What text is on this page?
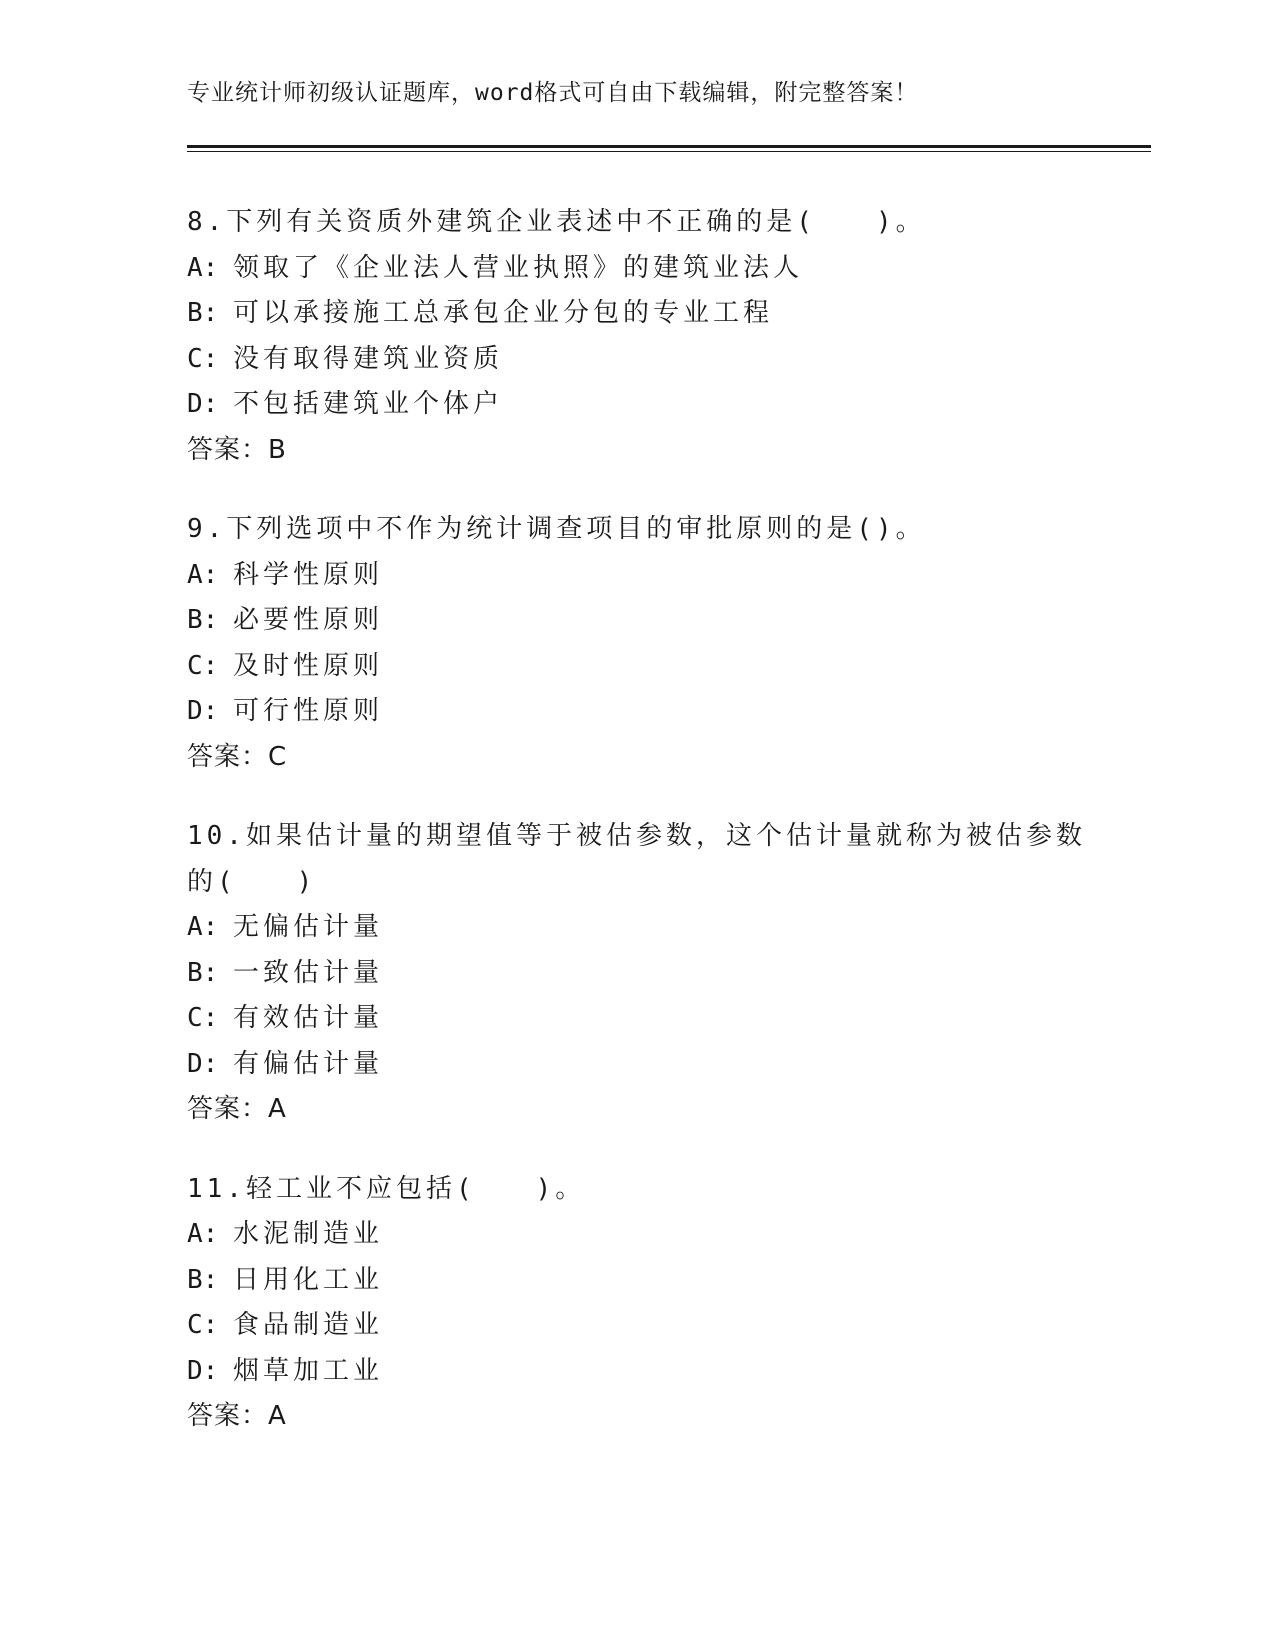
专业统计师初级认证题库，word格式可自由下载编辑，附完整答案！
8.下列有关资质外建筑企业表述中不正确的是(　　)。
A: 领取了《企业法人营业执照》的建筑业法人
B: 可以承接施工总承包企业分包的专业工程
C: 没有取得建筑业资质
D: 不包括建筑业个体户
答案：B
9.下列选项中不作为统计调查项目的审批原则的是()。
A: 科学性原则
B: 必要性原则
C: 及时性原则
D: 可行性原则
答案：C
10.如果估计量的期望值等于被估参数，这个估计量就称为被估参数的(　　)
A: 无偏估计量
B: 一致估计量
C: 有效估计量
D: 有偏估计量
答案：A
11.轻工业不应包括(　　)。
A: 水泥制造业
B: 日用化工业
C: 食品制造业
D: 烟草加工业
答案：A
